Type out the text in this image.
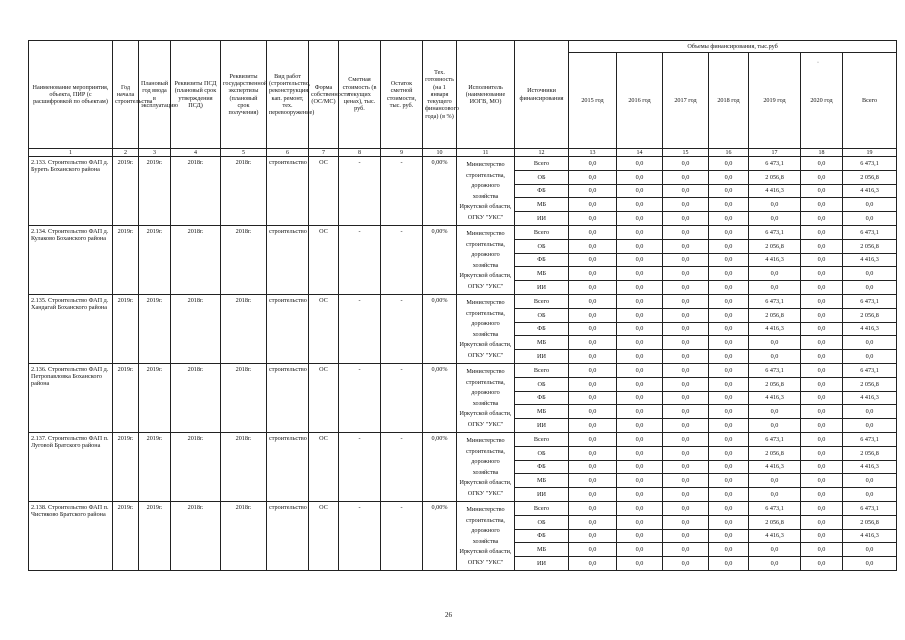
Наименование мероприятия, объекта, ПИР (с расшифровкой по объектам)	Год начала строительства	Плановый год ввода в эксплуатацию	Реквизиты ПСД (плановый срок утверждения ПСД)	Реквизиты государственной экспертизы (плановый срок получения)	Вид работ (строительство, реконструкция, кап. ремонт, тех. перевооружение)	Форма собственности (ОС/МС)	Сметная стоимость (в текущих ценах), тыс. руб.	Остаток сметной стоимости, тыс. руб.	Тех. готовность (на 1 января текущего финансового года) (в %)	Исполнитель (наименование ИОГВ, МО)	Источники финансирования	Объемы финансирования, тыс.руб						
												2015 год	2016 год	2017 год	2018 год	2019 год	2020 год	Всего
1	2	3	4	5	6	7	8	9	10	11	12	13	14	15	16	17	18	19
2.133. Строительство ФАП д. Буреть Боханского района	2019г.	2019г.	2018г.	2018г.	строительство	ОС	-	-	0,00%	Министерство строительства, дорожного хозяйства Иркутской области, ОГКУ "УКС"	Всего	0,0	0,0	0,0	0,0	6 473,1	0,0	6 473,1
											ОБ	0,0	0,0	0,0	0,0	2 056,8	0,0	2 056,8
											ФБ	0,0	0,0	0,0	0,0	4 416,3	0,0	4 416,3
											МБ	0,0	0,0	0,0	0,0	0,0	0,0	0,0
											ИИ	0,0	0,0	0,0	0,0	0,0	0,0	0,0
2.134. Строительство ФАП д. Кулаково Боханского района	2019г.	2019г.	2018г.	2018г.	строительство	ОС	-	-	0,00%	Министерство строительства, дорожного хозяйства Иркутской области, ОГКУ "УКС"	Всего	0,0	0,0	0,0	0,0	6 473,1	0,0	6 473,1
											ОБ	0,0	0,0	0,0	0,0	2 056,8	0,0	2 056,8
											ФБ	0,0	0,0	0,0	0,0	4 416,3	0,0	4 416,3
											МБ	0,0	0,0	0,0	0,0	0,0	0,0	0,0
											ИИ	0,0	0,0	0,0	0,0	0,0	0,0	0,0
2.135. Строительство ФАП д. Хандагай Боханского района	2019г.	2019г.	2018г.	2018г.	строительство	ОС	-	-	0,00%	Министерство строительства, дорожного хозяйства Иркутской области, ОГКУ "УКС"	Всего	0,0	0,0	0,0	0,0	6 473,1	0,0	6 473,1
											ОБ	0,0	0,0	0,0	0,0	2 056,8	0,0	2 056,8
											ФБ	0,0	0,0	0,0	0,0	4 416,3	0,0	4 416,3
											МБ	0,0	0,0	0,0	0,0	0,0	0,0	0,0
											ИИ	0,0	0,0	0,0	0,0	0,0	0,0	0,0
2.136. Строительство ФАП д. Петропавловка Боханского района	2019г.	2019г.	2018г.	2018г.	строительство	ОС	-	-	0,00%	Министерство строительства, дорожного хозяйства Иркутской области, ОГКУ "УКС"	Всего	0,0	0,0	0,0	0,0	6 473,1	0,0	6 473,1
											ОБ	0,0	0,0	0,0	0,0	2 056,8	0,0	2 056,8
											ФБ	0,0	0,0	0,0	0,0	4 416,3	0,0	4 416,3
											МБ	0,0	0,0	0,0	0,0	0,0	0,0	0,0
											ИИ	0,0	0,0	0,0	0,0	0,0	0,0	0,0
2.137. Строительство ФАП п. Луговой Братского района	2019г.	2019г.	2018г.	2018г.	строительство	ОС	-	-	0,00%	Министерство строительства, дорожного хозяйства Иркутской области, ОГКУ "УКС"	Всего	0,0	0,0	0,0	0,0	6 473,1	0,0	6 473,1
											ОБ	0,0	0,0	0,0	0,0	2 056,8	0,0	2 056,8
											ФБ	0,0	0,0	0,0	0,0	4 416,3	0,0	4 416,3
											МБ	0,0	0,0	0,0	0,0	0,0	0,0	0,0
											ИИ	0,0	0,0	0,0	0,0	0,0	0,0	0,0
2.138. Строительство ФАП п. Чистяково Братского района	2019г.	2019г.	2018г.	2018г.	строительство	ОС	-	-	0,00%	Министерство строительства, дорожного хозяйства Иркутской области, ОГКУ "УКС"	Всего	0,0	0,0	0,0	0,0	6 473,1	0,0	6 473,1
											ОБ	0,0	0,0	0,0	0,0	2 056,8	0,0	2 056,8
											ФБ	0,0	0,0	0,0	0,0	4 416,3	0,0	4 416,3
											МБ	0,0	0,0	0,0	0,0	0,0	0,0	0,0
											ИИ	0,0	0,0	0,0	0,0	0,0	0,0	0,0
·
26
